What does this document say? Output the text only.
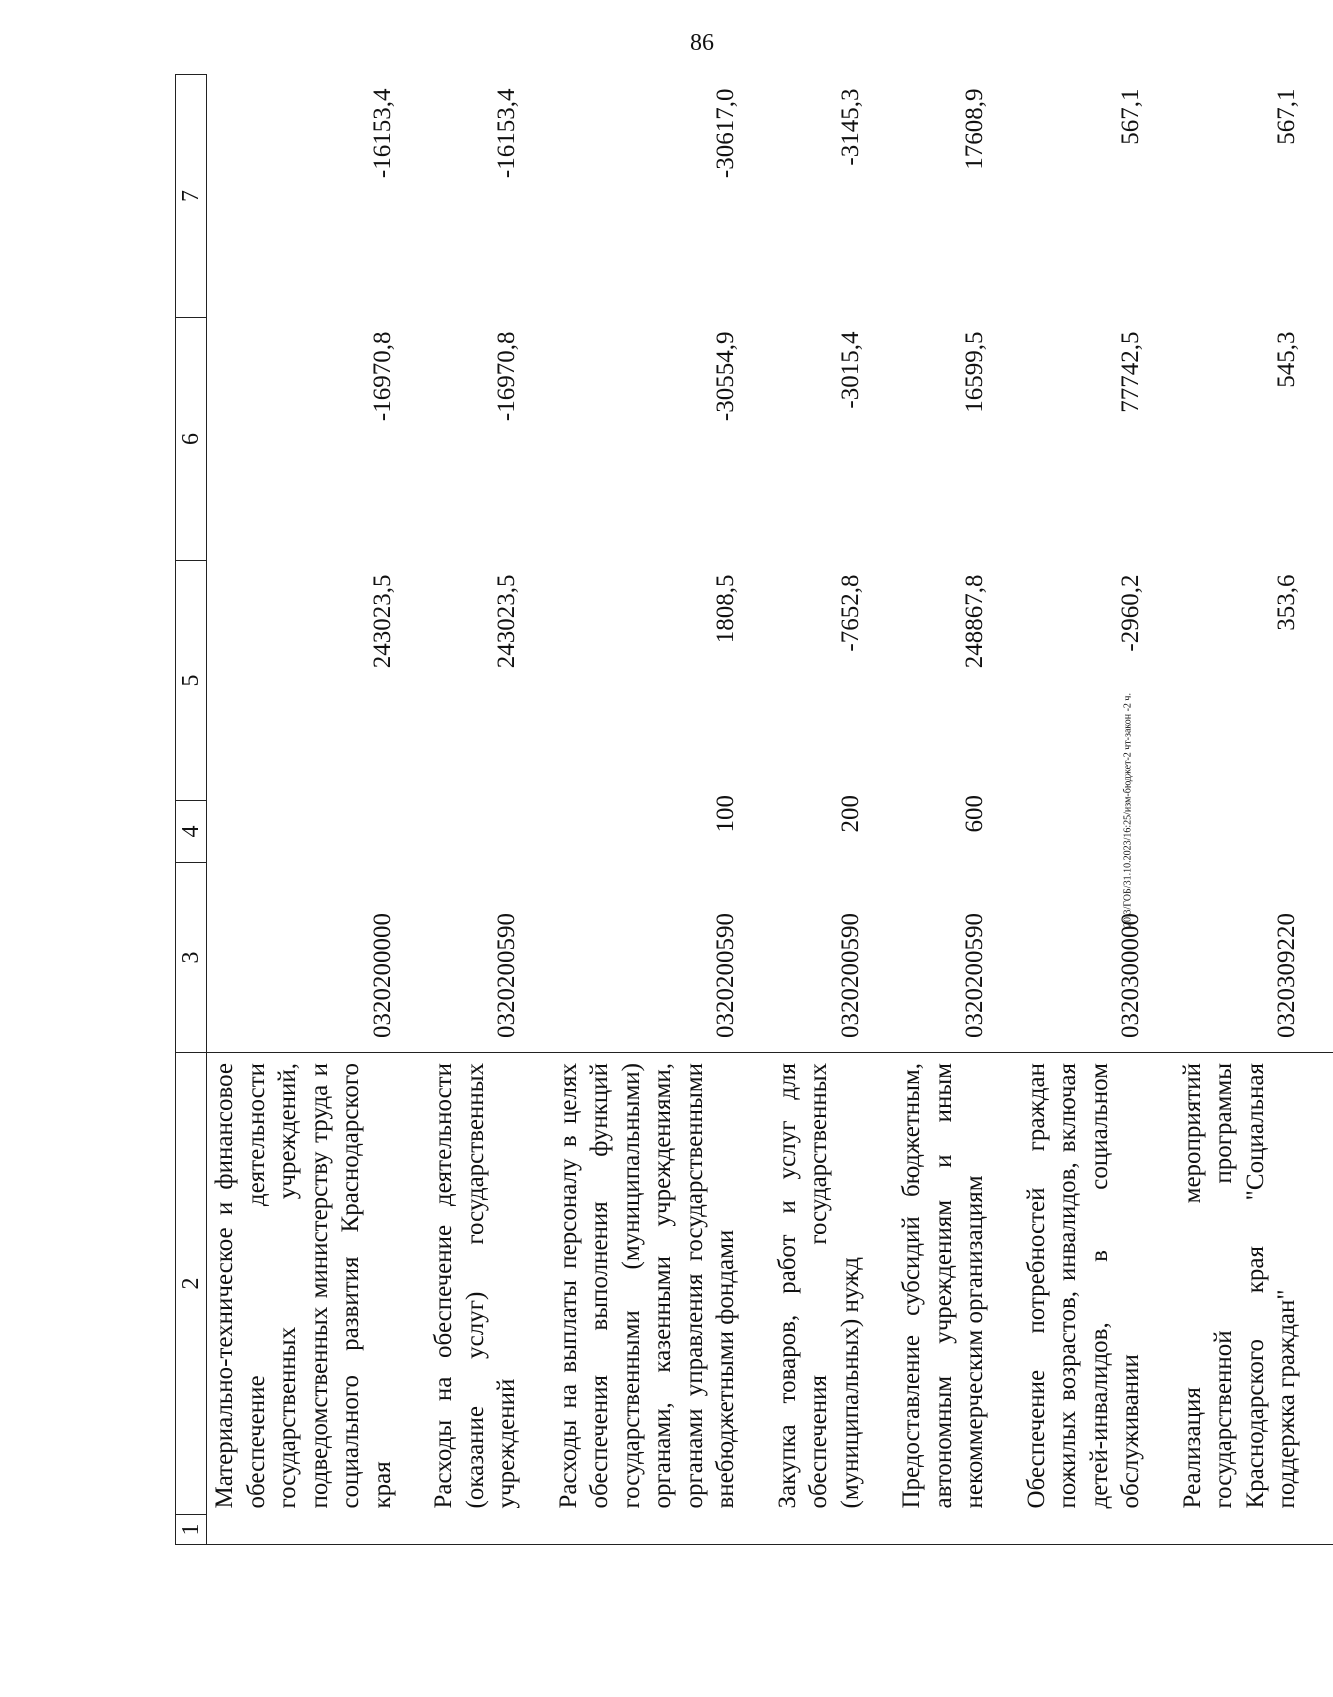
86
20.3/ГОБ/31.10.2023/16:25/изм-бюджет-2 чт-закон -2 ч.
1	2	3	4	5	6	7
	Материально-техническое и финансовое обеспечение деятельности государственных учреждений, подведомственных министерству труда и социального развития Краснодарского края	0320200000		243023,5	-16970,8	-16153,4
	Расходы на обеспечение деятельности (оказание услуг) государственных учреждений	0320200590		243023,5	-16970,8	-16153,4
	Расходы на выплаты персоналу в целях обеспечения выполнения функций государственными (муниципальными) органами, казенными учреждениями, органами управления государственными внебюджетными фондами	0320200590	100	1808,5	-30554,9	-30617,0
	Закупка товаров, работ и услуг для обеспечения государственных (муниципальных) нужд	0320200590	200	-7652,8	-3015,4	-3145,3
	Предоставление субсидий бюджетным, автономным учреждениям и иным некоммерческим организациям	0320200590	600	248867,8	16599,5	17608,9
	Обеспечение потребностей граждан пожилых возрастов, инвалидов, включая детей-инвалидов, в социальном обслуживании	0320300000		-2960,2	77742,5	567,1
	Реализация мероприятий государственной программы Краснодарского края "Социальная поддержка граждан"	0320309220		353,6	545,3	567,1
